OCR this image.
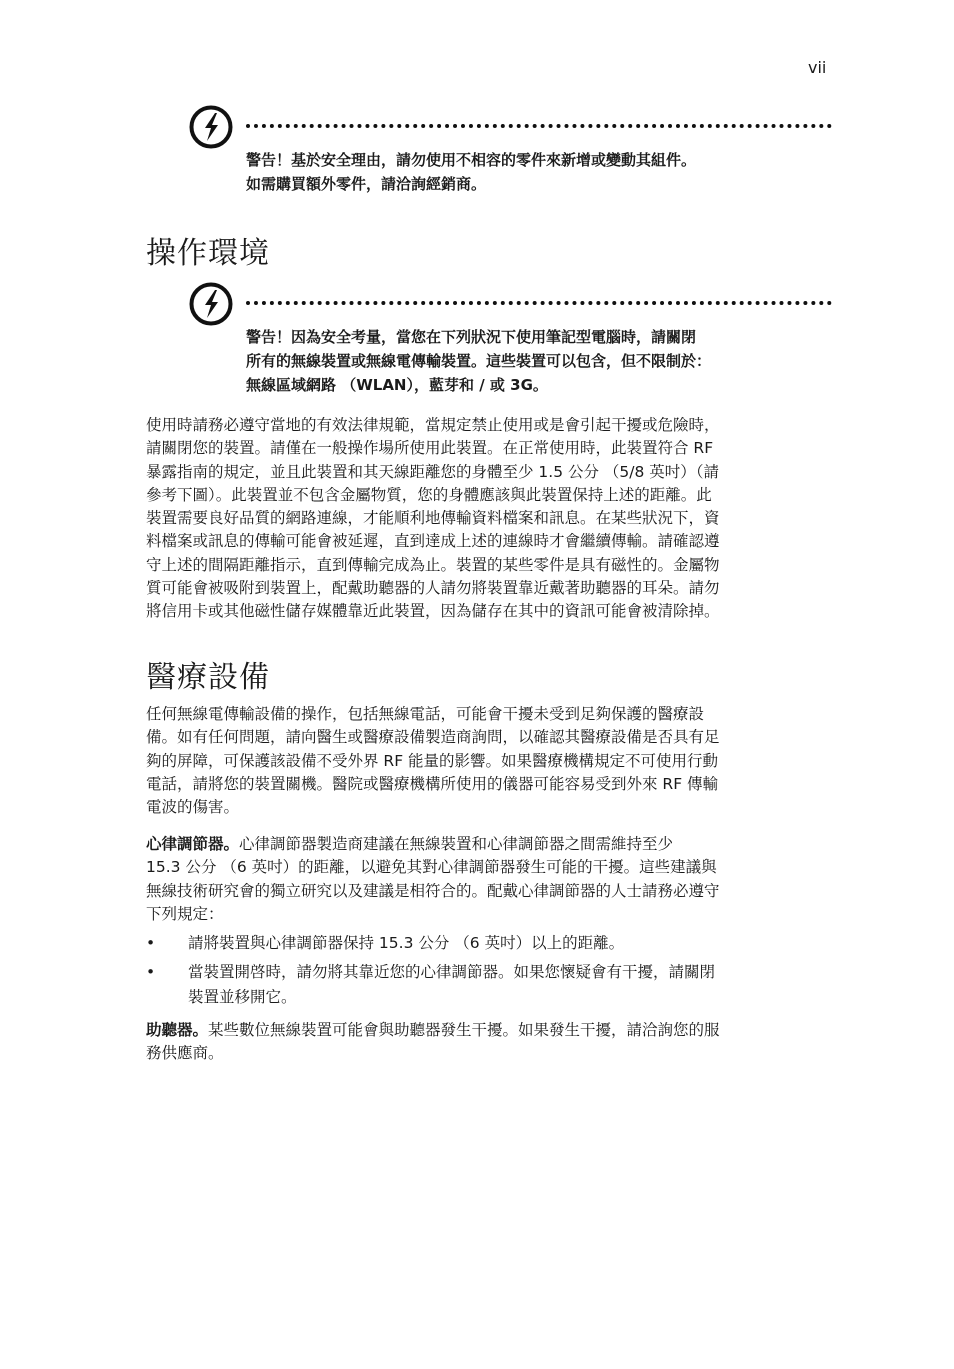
vii
警告！基於安全理由，請勿使用不相容的零件來新增或變動其組件。
如需購買額外零件，請洽詢經銷商。
操作環境
警告！因為安全考量，當您在下列狀況下使用筆記型電腦時，請關閉
所有的無線裝置或無線電傳輸裝置。這些裝置可以包含，但不限制於：
無線區域網路 （WLAN），藍芽和 / 或 3G。

使用時請務必遵守當地的有效法律規範，當規定禁止使用或是會引起干擾或危險時，
請關閉您的裝置。請僅在一般操作場所使用此裝置。在正常使用時，此裝置符合 RF
暴露指南的規定，並且此裝置和其天線距離您的身體至少 1.5 公分 （5/8 英吋）（請
參考下圖）。此裝置並不包含金屬物質，您的身體應該與此裝置保持上述的距離。此
裝置需要良好品質的網路連線，才能順利地傳輸資料檔案和訊息。在某些狀況下，資
料檔案或訊息的傳輸可能會被延遲，直到達成上述的連線時才會繼續傳輸。請確認遵
守上述的間隔距離指示，直到傳輸完成為止。裝置的某些零件是具有磁性的。金屬物
質可能會被吸附到裝置上，配戴助聽器的人請勿將裝置靠近戴著助聽器的耳朵。請勿
將信用卡或其他磁性儲存媒體靠近此裝置，因為儲存在其中的資訊可能會被清除掉。

醫療設備

任何無線電傳輸設備的操作，包括無線電話，可能會干擾未受到足夠保護的醫療設
備。如有任何問題，請向醫生或醫療設備製造商詢問，以確認其醫療設備是否具有足
夠的屏障，可保護該設備不受外界 RF 能量的影響。如果醫療機構規定不可使用行動
電話，請將您的裝置關機。醫院或醫療機構所使用的儀器可能容易受到外來 RF 傳輸
電波的傷害。

心律調節器。心律調節器製造商建議在無線裝置和心律調節器之間需維持至少
15.3 公分 （6 英吋）的距離，以避免其對心律調節器發生可能的干擾。這些建議與
無線技術研究會的獨立研究以及建議是相符合的。配戴心律調節器的人士請務必遵守
下列規定：

• 請將裝置與心律調節器保持 15.3 公分 （6 英吋）以上的距離。
• 當裝置開啓時，請勿將其靠近您的心律調節器。如果您懷疑會有干擾，請關閉
裝置並移開它。

助聽器。某些數位無線裝置可能會與助聽器發生干擾。如果發生干擾，請洽詢您的服
務供應商。
